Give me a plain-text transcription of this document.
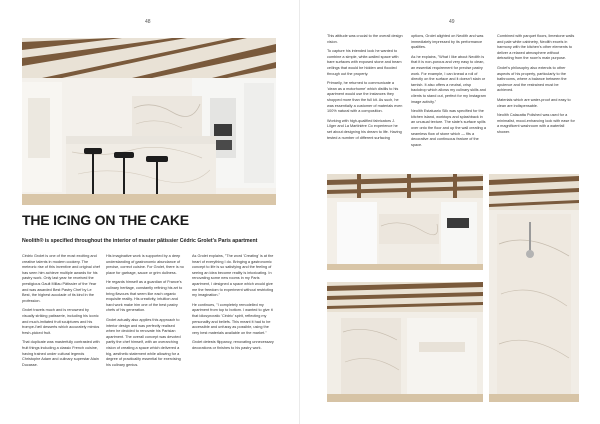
48	49
THE ICING ON THE CAKE
Neolith® is specified throughout the interior of master pâtissier Cédric Grolet's Paris apartment

Cédric Grolet is one of the most exciting and creative talents in modern cookery. The meteoric rise of this inventive and original chef has seen him achieve multiple awards for his pastry work. Only last year he received the prestigious Gault Millau Pâtissier of the Year and was awarded Best Pastry Chef by Le Best, the highest accolade of its kind in the profession.

Grolet travels much and is renowned by visually striking patisserie, including his iconic and much-imitated fruit sculptures and his trompe-l'œil desserts which accurately mimics fresh-picked fruit.

That duplicate was masterfully contrasted with fruit things including a classic French cuisine, having trained under cultural legends Christophe Adam and culinary superstar Alain Ducasse.

His imaginative work is supported by a deep understanding of gastronomic abundance of precise, correct cuisine. For Grolet, there is no place for garbage, sauce or grim dullness.

He regards himself as a guardian of France's culinary heritage, constantly refining his art to bring flavours that seem like each organic exquisite reality. His creativity, intuition and hard work make him one of the best pastry chefs of his generation.

Grolet actually also applies this approach to interior design and was perfectly realised when he decided to renovate his Parisian apartment. The overall concept was devoted partly the chef himself, with an overarching vision of creating a space which delivered a big, aesthetic statement while allowing for a degree of practicality essential for exercising his culinary genius.

As Grolet explains, "The word 'Creating' is at the heart of everything I do. Bringing a gastronomic concept to life is so satisfying and the feeling of seeing an idea become reality is intoxicating. In renovating some new rooms in my Paris apartment, I designed a space which would give me the freedom to experiment without restricting my imagination."

He continues, "I completely remodelled my apartment from top to bottom. I wanted to give it that idiosyncratic 'Cédric' spirit, reflecting my personality and beliefs. This meant it had to be accessible and unfussy as possible, using the very best materials available on the market."

Grolet detests flippancy, renovating unnecessary decorations or finishes to his pastry work.

This attitude was crucial to the overall design vision.

To capture his intended look he wanted to combine a simple, white-walled space with bare surfaces with exposed stone and beam ceilings that would be hidden and flooded through out the property.

Primarily, he returned to communicate a 'clean as a motorhome' which distills to his apartment would use the instances they shopped more than the full kit. As such, he was essentially a customer of materials even 100% natural with a composition.

Working with high-qualified fabricators J. Lilger and La Martinière Co experience he set about designing his dream to life. Having tested a number of different surfacing

options, Grolet alighted on Neolith and was immediately impressed by its performance qualities.

As he explains, "What I like about Neolith is that it is non-porous and very easy to clean, an essential requirement for precise pastry work. For example, I can knead a roll of directly on the surface and it doesn't stain or tarnish. It also offers a neutral, crisp backdrop which allows my culinary skills and clients to stand out, perfect for my Instagram image activity."

Neolith Estatuario Silk was specified for the kitchen island, worktops and splashback in an unusual texture. The slate's surface spills over onto the floor and up the wall creating a seamless flow of stone which — fits a decorative and continuous feature of the space.

Combined with parquet floors, limestone walls and pale white cabinetry, Neolith excels in harmony with the kitchen's other elements to deliver a relaxed atmosphere without detracting from the room's main purpose.

Grolet's philosophy also extends to other aspects of his property, particularly to the bathrooms, where a balance between the opulence and the restrained must be achieved.

Materials which are water-proof and easy to clean are indispensable.

Neolith Calacatta Polished was used for a minimalist, mood-enhancing look with ease for a magnificent washroom with a waterfall shower.
